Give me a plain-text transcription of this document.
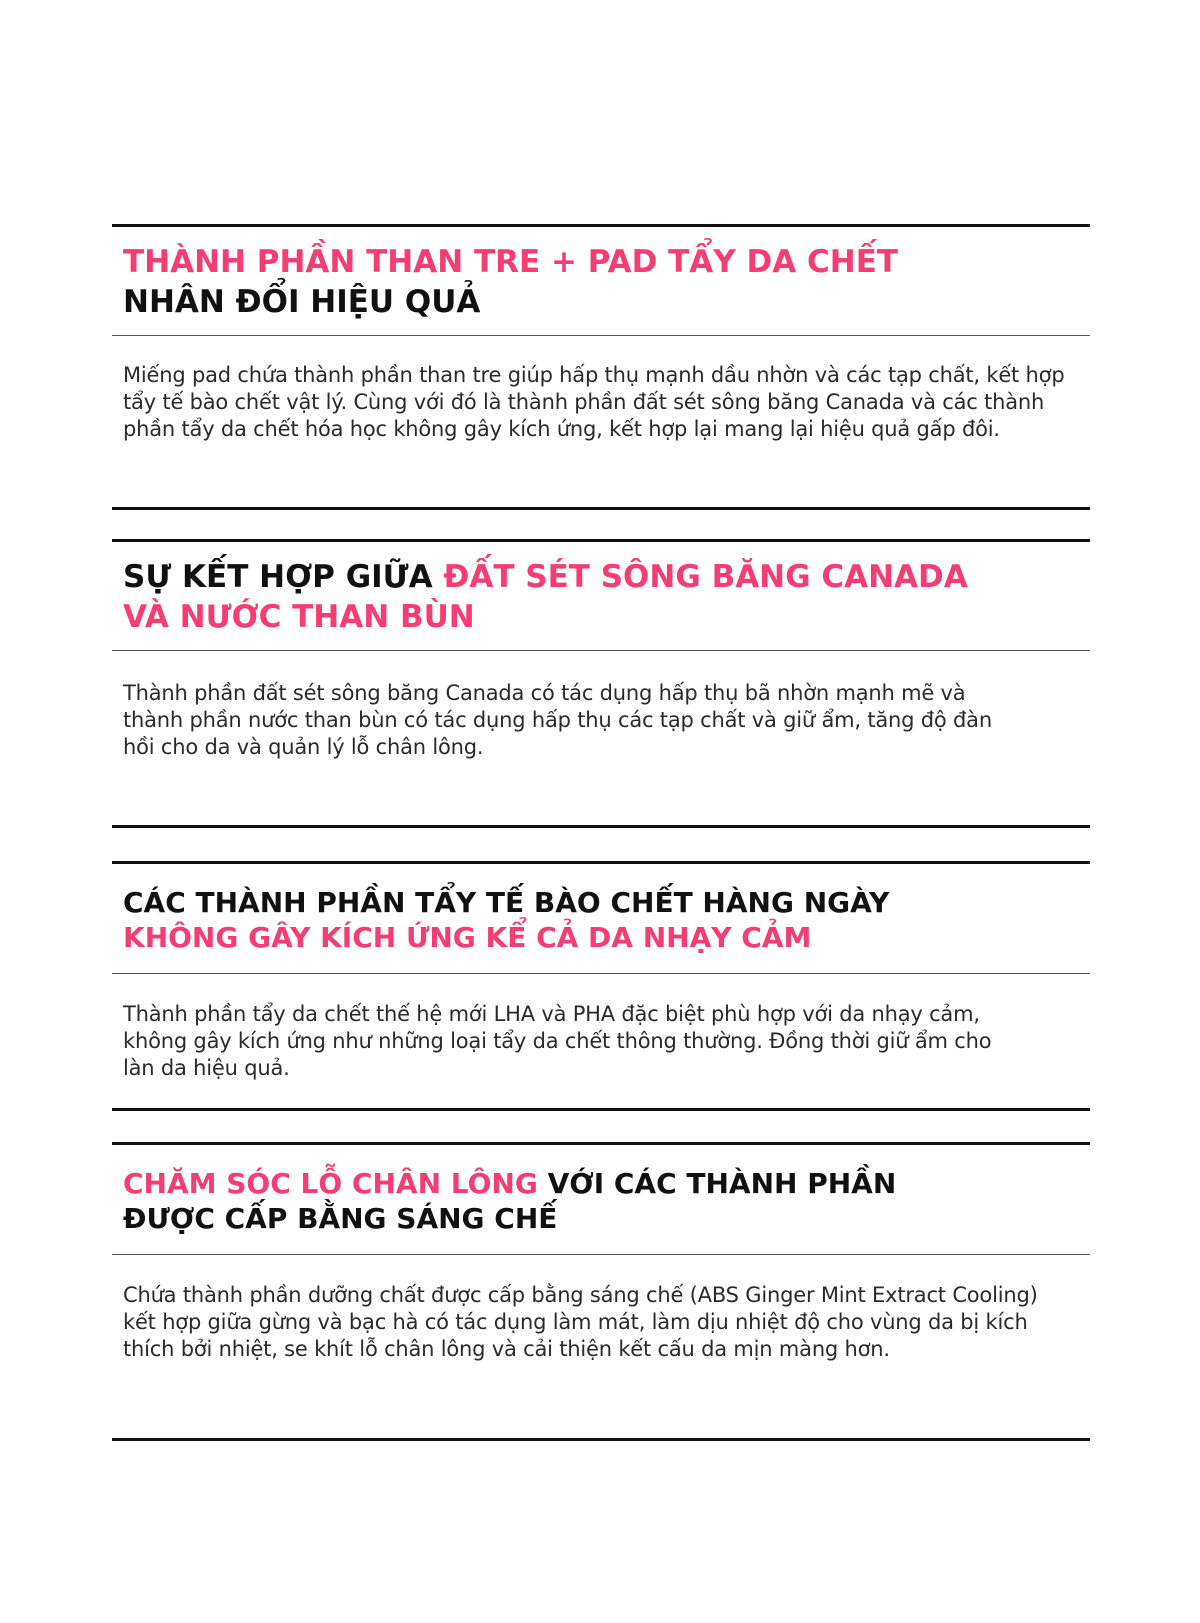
THÀNH PHẦN THAN TRE + PAD TẨY DA CHẾT
NHÂN ĐỔI HIỆU QUẢ

Miếng pad chứa thành phần than tre giúp hấp thụ mạnh dầu nhờn và các tạp chất, kết hợp tẩy tế bào chết vật lý. Cùng với đó là thành phần đất sét sông băng Canada và các thành phần tẩy da chết hóa học không gây kích ứng, kết hợp lại mang lại hiệu quả gấp đôi.

SỰ KẾT HỢP GIỮA ĐẤT SÉT SÔNG BĂNG CANADA
VÀ NƯỚC THAN BÙN

Thành phần đất sét sông băng Canada có tác dụng hấp thụ bã nhờn mạnh mẽ và thành phần nước than bùn có tác dụng hấp thụ các tạp chất và giữ ẩm, tăng độ đàn hồi cho da và quản lý lỗ chân lông.

CÁC THÀNH PHẦN TẨY TẾ BÀO CHẾT HÀNG NGÀY
KHÔNG GÂY KÍCH ỨNG KỂ CẢ DA NHẠY CẢM

Thành phần tẩy da chết thế hệ mới LHA và PHA đặc biệt phù hợp với da nhạy cảm, không gây kích ứng như những loại tẩy da chết thông thường. Đồng thời giữ ẩm cho làn da hiệu quả.

CHĂM SÓC LỖ CHÂN LÔNG VỚI CÁC THÀNH PHẦN
ĐƯỢC CẤP BẰNG SÁNG CHẾ

Chứa thành phần dưỡng chất được cấp bằng sáng chế (ABS Ginger Mint Extract Cooling) kết hợp giữa gừng và bạc hà có tác dụng làm mát, làm dịu nhiệt độ cho vùng da bị kích thích bởi nhiệt, se khít lỗ chân lông và cải thiện kết cấu da mịn màng hơn.
